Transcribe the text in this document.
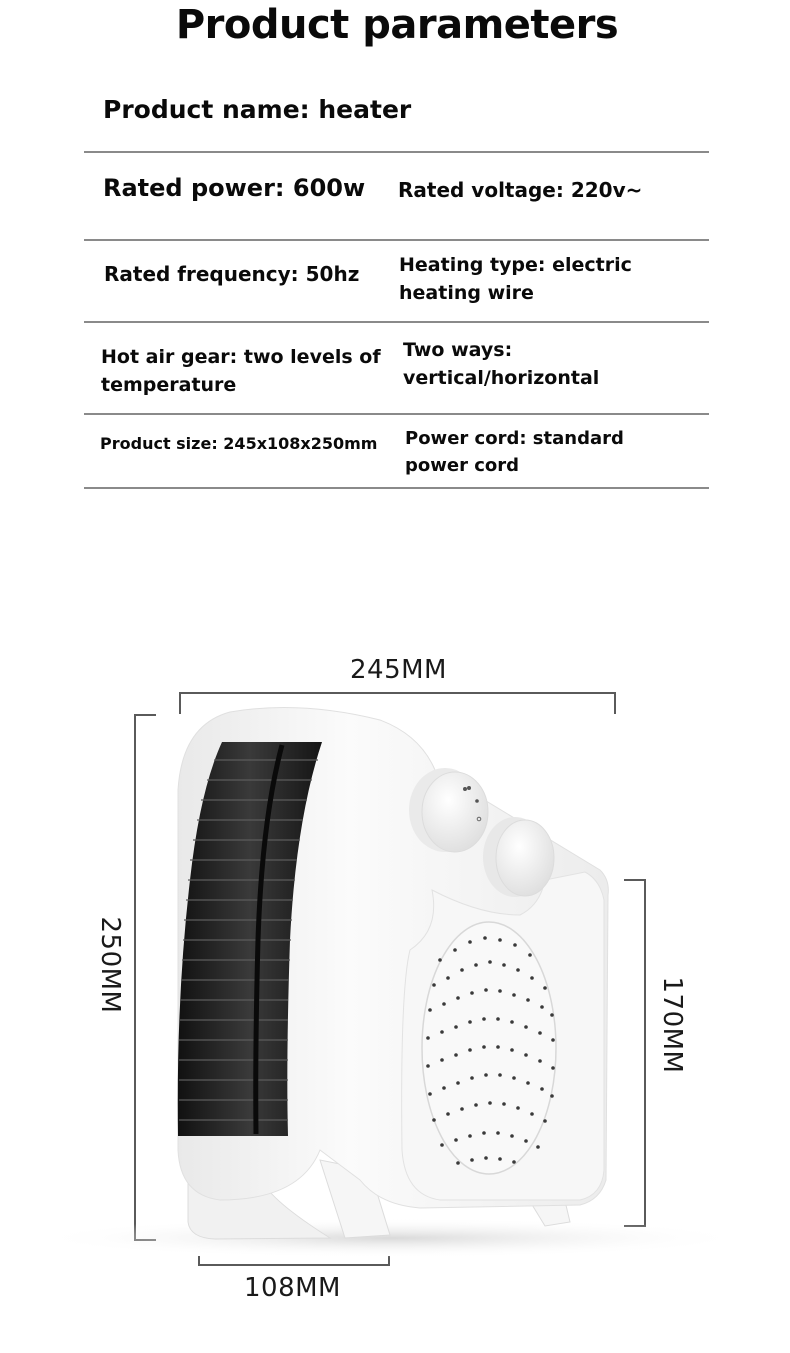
Product parameters
Product name: heater
Rated power: 600w Rated voltage: 220v~
Rated frequency: 50hz Heating type: electric
heating wire
Hot air gear: two levels of
temperature
Two ways:
vertical/horizontal
Product size: 245x108x250mm Power cord: standard
power cord
245MM
250MM
170MM
108MM
